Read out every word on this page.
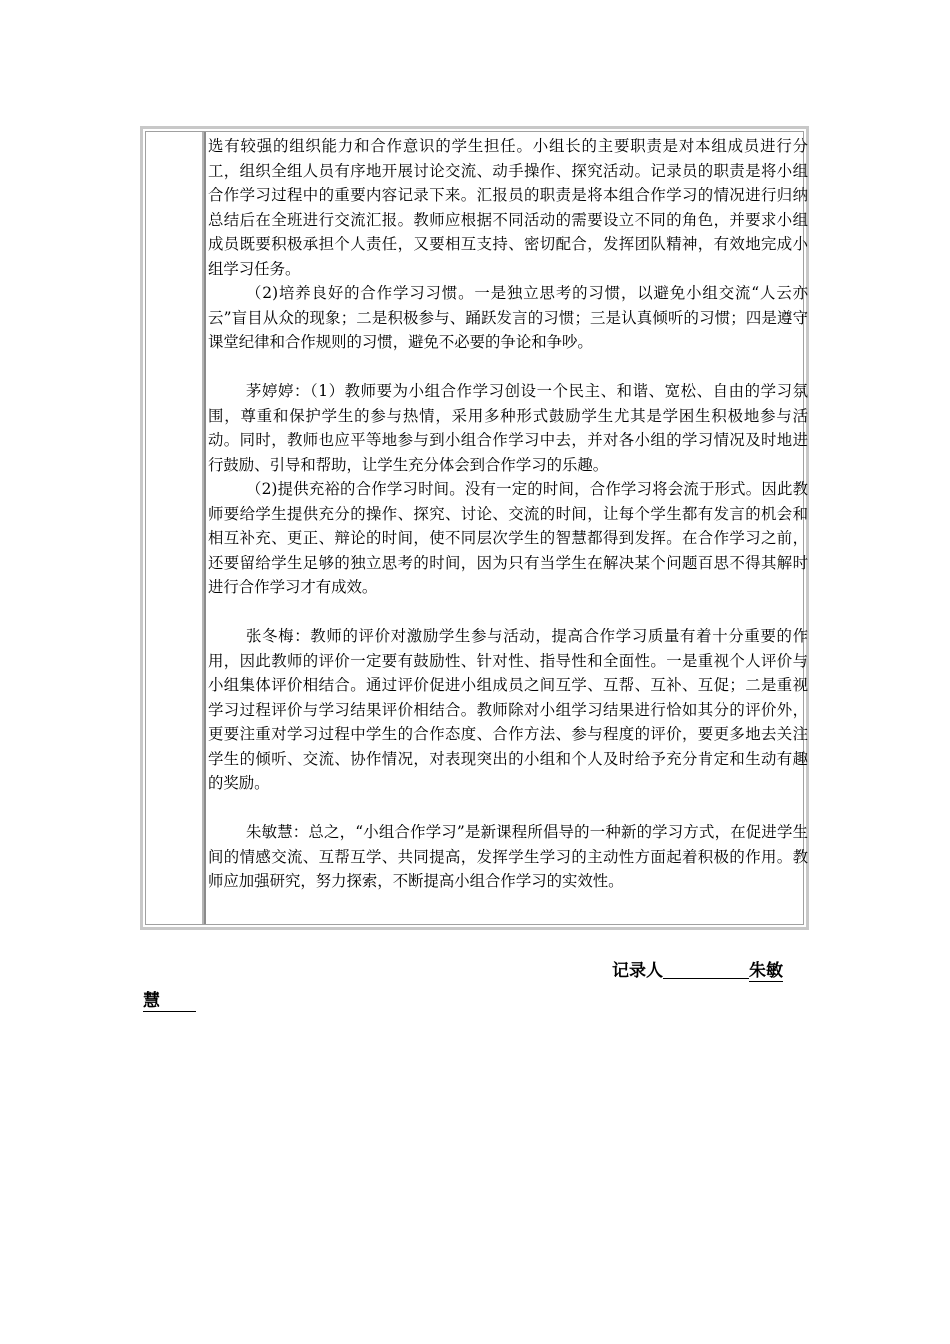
选有较强的组织能力和合作意识的学生担任。小组长的主要职责是对本组成员进行分工，组织全组人员有序地开展讨论交流、动手操作、探究活动。记录员的职责是将小组合作学习过程中的重要内容记录下来。汇报员的职责是将本组合作学习的情况进行归纳总结后在全班进行交流汇报。教师应根据不同活动的需要设立不同的角色，并要求小组成员既要积极承担个人责任，又要相互支持、密切配合，发挥团队精神，有效地完成小组学习任务。

（2)培养良好的合作学习习惯。一是独立思考的习惯，以避免小组交流“人云亦云”盲目从众的现象；二是积极参与、踊跃发言的习惯；三是认真倾听的习惯；四是遵守课堂纪律和合作规则的习惯，避免不必要的争论和争吵。

茅婷婷：（1）教师要为小组合作学习创设一个民主、和谐、宽松、自由的学习氛围，尊重和保护学生的参与热情，采用多种形式鼓励学生尤其是学困生积极地参与活动。同时，教师也应平等地参与到小组合作学习中去，并对各小组的学习情况及时地进行鼓励、引导和帮助，让学生充分体会到合作学习的乐趣。

（2)提供充裕的合作学习时间。没有一定的时间，合作学习将会流于形式。因此教师要给学生提供充分的操作、探究、讨论、交流的时间，让每个学生都有发言的机会和相互补充、更正、辩论的时间，使不同层次学生的智慧都得到发挥。在合作学习之前，还要留给学生足够的独立思考的时间，因为只有当学生在解决某个问题百思不得其解时进行合作学习才有成效。

张冬梅：教师的评价对激励学生参与活动，提高合作学习质量有着十分重要的作用，因此教师的评价一定要有鼓励性、针对性、指导性和全面性。一是重视个人评价与小组集体评价相结合。通过评价促进小组成员之间互学、互帮、互补、互促；二是重视学习过程评价与学习结果评价相结合。教师除对小组学习结果进行恰如其分的评价外，更要注重对学习过程中学生的合作态度、合作方法、参与程度的评价，要更多地去关注学生的倾听、交流、协作情况，对表现突出的小组和个人及时给予充分肯定和生动有趣的奖励。

朱敏慧：总之，“小组合作学习”是新课程所倡导的一种新的学习方式，在促进学生间的情感交流、互帮互学、共同提高，发挥学生学习的主动性方面起着积极的作用。教师应加强研究，努力探索，不断提高小组合作学习的实效性。

记录人	朱敏
慧
